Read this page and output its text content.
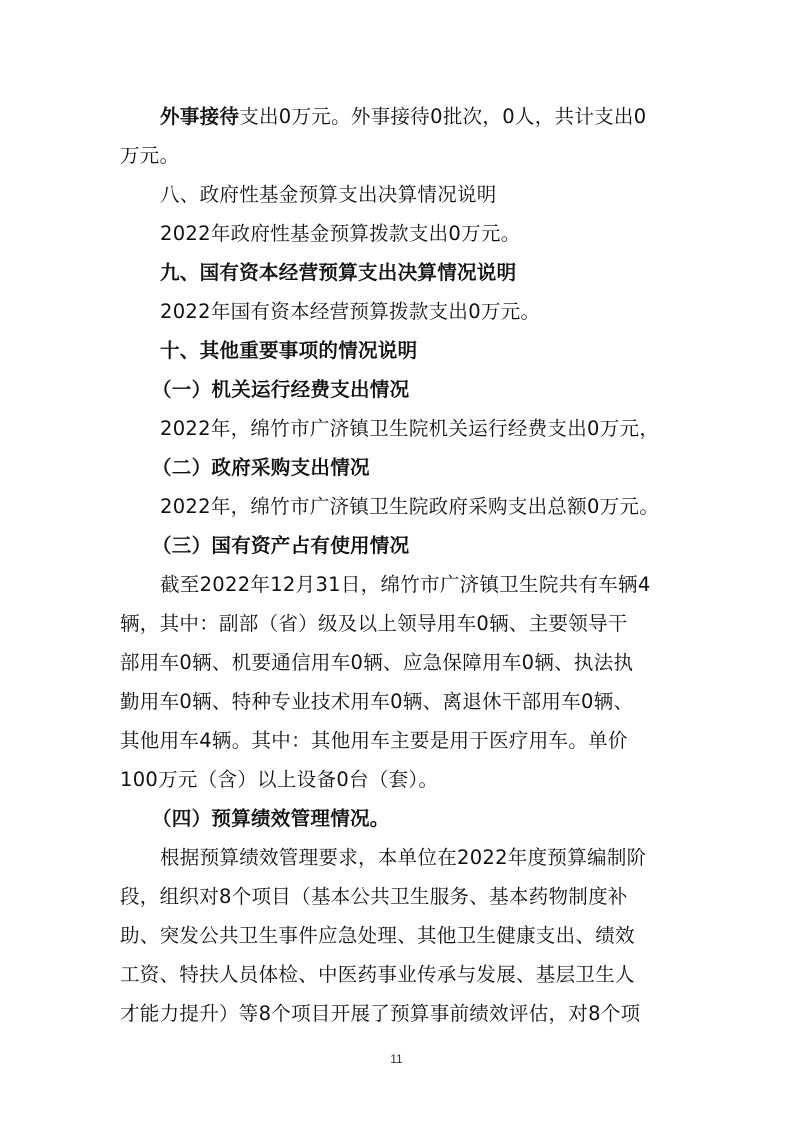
外事接待支出0万元。外事接待0批次，0人，共计支出0
万元。
八、政府性基金预算支出决算情况说明
2022年政府性基金预算拨款支出0万元。
九、国有资本经营预算支出决算情况说明
2022年国有资本经营预算拨款支出0万元。
十、其他重要事项的情况说明
（一）机关运行经费支出情况
2022年，绵竹市广济镇卫生院机关运行经费支出0万元，
（二）政府采购支出情况
2022年，绵竹市广济镇卫生院政府采购支出总额0万元。
（三）国有资产占有使用情况
截至2022年12月31日，绵竹市广济镇卫生院共有车辆4
辆，其中：副部（省）级及以上领导用车0辆、主要领导干
部用车0辆、机要通信用车0辆、应急保障用车0辆、执法执
勤用车0辆、特种专业技术用车0辆、离退休干部用车0辆、
其他用车4辆。其中：其他用车主要是用于医疗用车。单价
100万元（含）以上设备0台（套）。
（四）预算绩效管理情况。
根据预算绩效管理要求，本单位在2022年度预算编制阶
段，组织对8个项目（基本公共卫生服务、基本药物制度补
助、突发公共卫生事件应急处理、其他卫生健康支出、绩效
工资、特扶人员体检、中医药事业传承与发展、基层卫生人
才能力提升）等8个项目开展了预算事前绩效评估，对8个项
11
